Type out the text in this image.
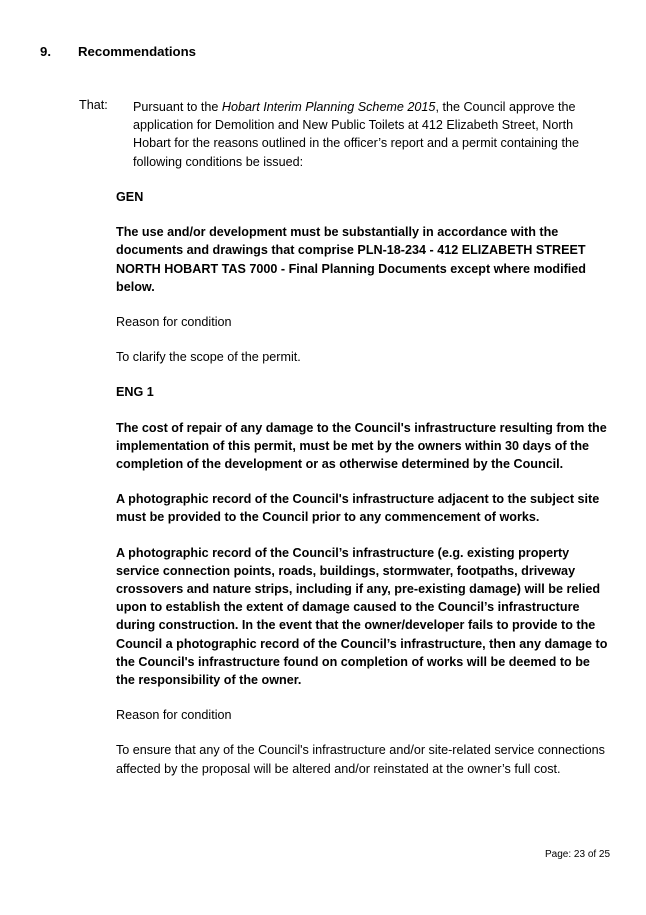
9. Recommendations
That: Pursuant to the Hobart Interim Planning Scheme 2015, the Council approve the application for Demolition and New Public Toilets at 412 Elizabeth Street, North Hobart for the reasons outlined in the officer’s report and a permit containing the following conditions be issued:

GEN

The use and/or development must be substantially in accordance with the documents and drawings that comprise PLN-18-234 - 412 ELIZABETH STREET NORTH HOBART TAS 7000 - Final Planning Documents except where modified below.

Reason for condition

To clarify the scope of the permit.

ENG 1

The cost of repair of any damage to the Council's infrastructure resulting from the implementation of this permit, must be met by the owners within 30 days of the completion of the development or as otherwise determined by the Council.

A photographic record of the Council's infrastructure adjacent to the subject site must be provided to the Council prior to any commencement of works.

A photographic record of the Council’s infrastructure (e.g. existing property service connection points, roads, buildings, stormwater, footpaths, driveway crossovers and nature strips, including if any, pre-existing damage) will be relied upon to establish the extent of damage caused to the Council’s infrastructure during construction. In the event that the owner/developer fails to provide to the Council a photographic record of the Council’s infrastructure, then any damage to the Council's infrastructure found on completion of works will be deemed to be the responsibility of the owner.

Reason for condition

To ensure that any of the Council's infrastructure and/or site-related service connections affected by the proposal will be altered and/or reinstated at the owner’s full cost.

Page: 23 of 25
